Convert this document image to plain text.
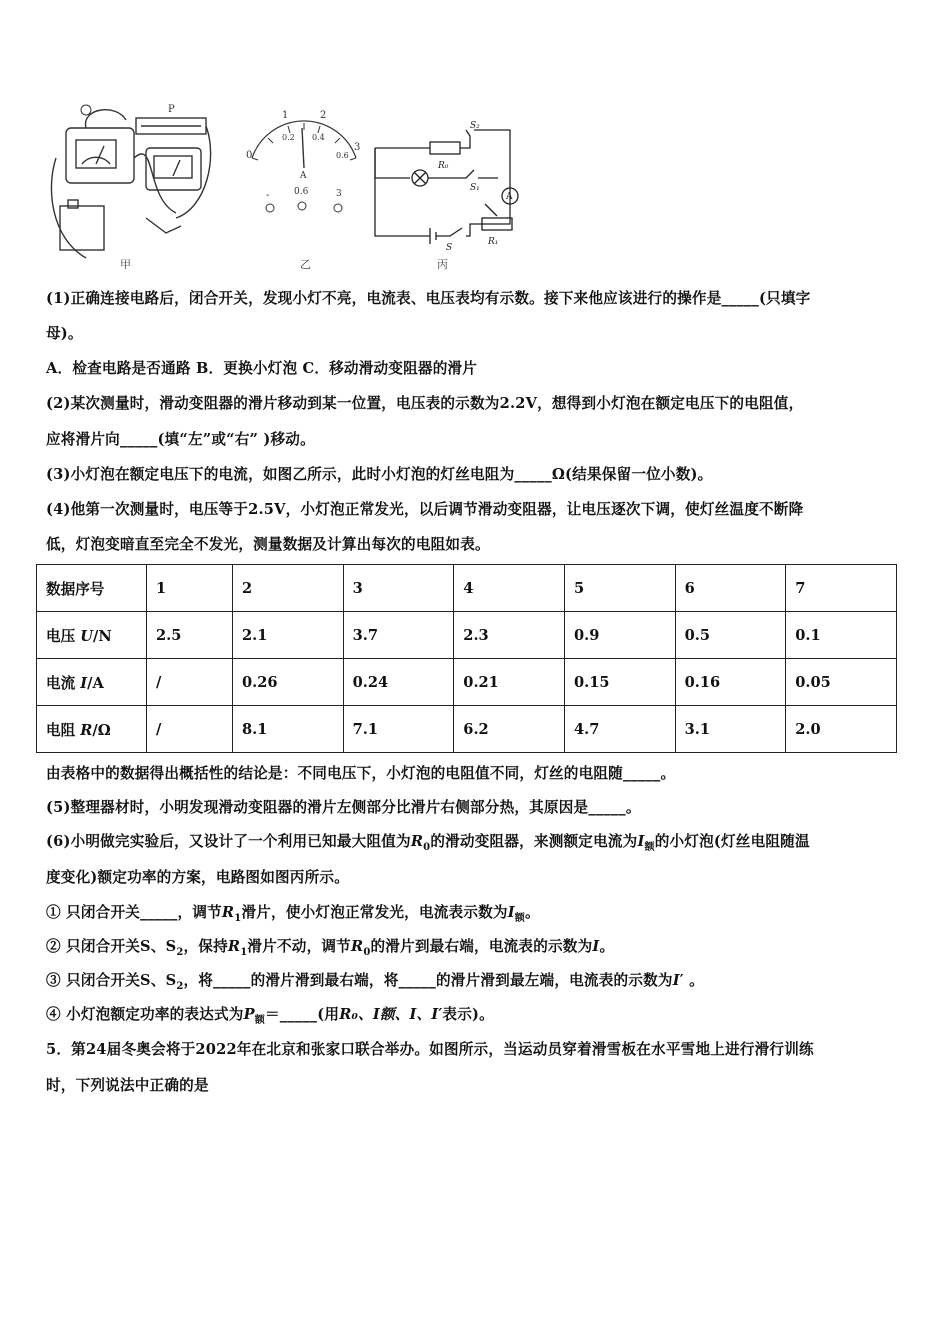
P
甲
0
1	2
3
0.2 0.4
0.6
A
-	0.6	3
乙
S₂
R₀
S₁
A
S
R₁
丙
(1)正确连接电路后，闭合开关，发现小灯不亮，电流表、电压表均有示数。接下来他应该进行的操作是_____(只填字
母)。
A．检查电路是否通路 B．更换小灯泡 C．移动滑动变阻器的滑片
(2)某次测量时，滑动变阻器的滑片移动到某一位置，电压表的示数为2.2V，想得到小灯泡在额定电压下的电阻值，
应将滑片向_____(填“左”或“右” )移动。
(3)小灯泡在额定电压下的电流，如图乙所示，此时小灯泡的灯丝电阻为_____Ω(结果保留一位小数)。
(4)他第一次测量时，电压等于2.5V，小灯泡正常发光，以后调节滑动变阻器，让电压逐次下调，使灯丝温度不断降
低，灯泡变暗直至完全不发光，测量数据及计算出每次的电阻如表。
数据序号	1	2	3	4	5	6	7
电压 U/N	2.5	2.1	3.7	2.3	0.9	0.5	0.1
电流 I/A	/	0.26	0.24	0.21	0.15	0.16	0.05
电阻 R/Ω	/	8.1	7.1	6.2	4.7	3.1	2.0
由表格中的数据得出概括性的结论是：不同电压下，小灯泡的电阻值不同，灯丝的电阻随_____。
(5)整理器材时，小明发现滑动变阻器的滑片左侧部分比滑片右侧部分热，其原因是_____。
(6)小明做完实验后，又设计了一个利用已知最大阻值为$R_0$的滑动变阻器，来测额定电流为$I_额$的小灯泡(灯丝电阻随温
度变化)额定功率的方案，电路图如图丙所示。
① 只闭合开关_____，调节$R_1$滑片，使小灯泡正常发光，电流表示数为$I_额$。
② 只闭合开关S、$S_2$，保持$R_1$滑片不动，调节$R_0$的滑片到最右端，电流表的示数为I。
③ 只闭合开关S、$S_2$，将_____的滑片滑到最右端，将_____的滑片滑到最左端，电流表的示数为I′ 。
④ 小灯泡额定功率的表达式为$P_额=\_\_\_\_\_$(用R₀、I额、I、I′表示)。
5．第24届冬奥会将于2022年在北京和张家口联合举办。如图所示，当运动员穿着滑雪板在水平雪地上进行滑行训练
时，下列说法中正确的是
